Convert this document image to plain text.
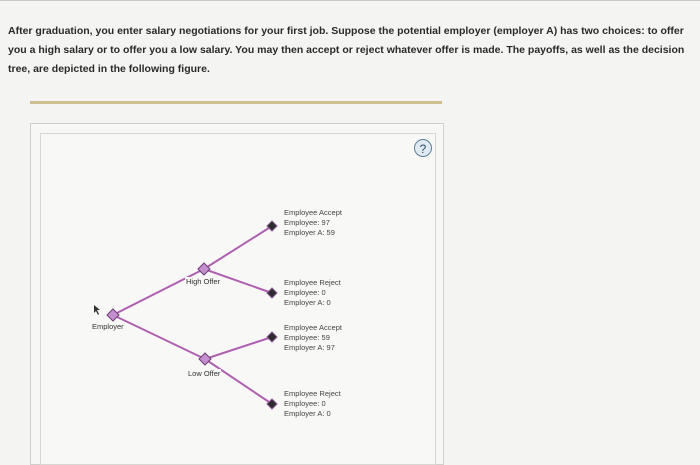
After graduation, you enter salary negotiations for your first job. Suppose the potential employer (employer A) has two choices: to offer you a high salary or to offer you a low salary. You may then accept or reject whatever offer is made. The payoffs, as well as the decision tree, are depicted in the following figure.
?
Employer
High Offer
Low Offer
Employee Accept
Employee: 97
Employer A: 59
Employee Reject
Employee: 0
Employer A: 0
Employee Accept
Employee: 59
Employer A: 97
Employee Reject
Employee: 0
Employer A: 0
